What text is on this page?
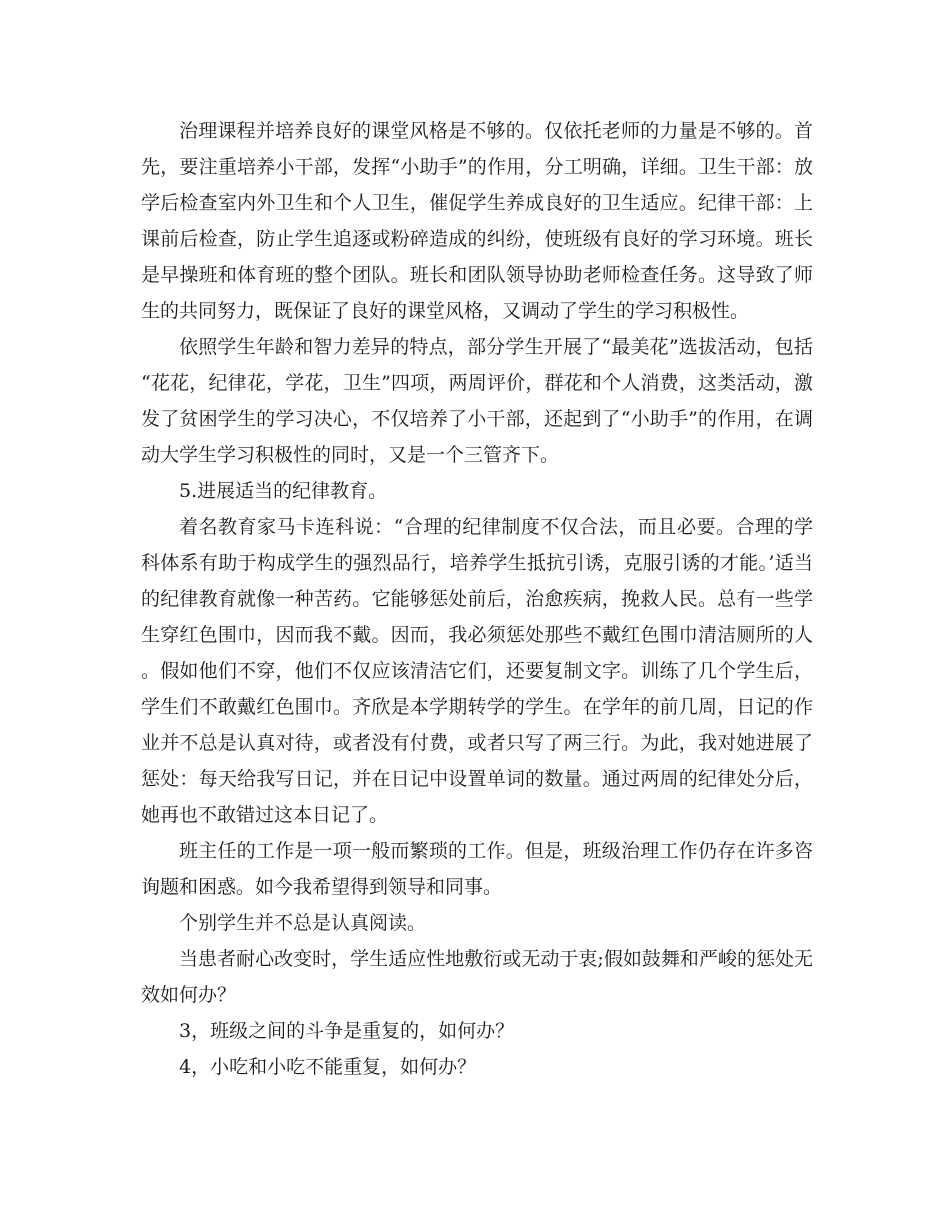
治理课程并培养良好的课堂风格是不够的。仅依托老师的力量是不够的。首先，要注重培养小干部，发挥“小助手”的作用，分工明确，详细。卫生干部：放学后检查室内外卫生和个人卫生，催促学生养成良好的卫生适应。纪律干部：上课前后检查，防止学生追逐或粉碎造成的纠纷，使班级有良好的学习环境。班长是早操班和体育班的整个团队。班长和团队领导协助老师检查任务。这导致了师生的共同努力，既保证了良好的课堂风格，又调动了学生的学习积极性。

依照学生年龄和智力差异的特点，部分学生开展了“最美花”选拔活动，包括“花花，纪律花，学花，卫生”四项，两周评价，群花和个人消费，这类活动，激发了贫困学生的学习决心，不仅培养了小干部，还起到了“小助手”的作用，在调动大学生学习积极性的同时，又是一个三管齐下。

5.进展适当的纪律教育。

着名教育家马卡连科说：“合理的纪律制度不仅合法，而且必要。合理的学科体系有助于构成学生的强烈品行，培养学生抵抗引诱，克服引诱的才能。’适当的纪律教育就像一种苦药。它能够惩处前后，治愈疾病，挽救人民。总有一些学生穿红色围巾，因而我不戴。因而，我必须惩处那些不戴红色围巾清洁厕所的人。假如他们不穿，他们不仅应该清洁它们，还要复制文字。训练了几个学生后，学生们不敢戴红色围巾。齐欣是本学期转学的学生。在学年的前几周，日记的作业并不总是认真对待，或者没有付费，或者只写了两三行。为此，我对她进展了惩处：每天给我写日记，并在日记中设置单词的数量。通过两周的纪律处分后，她再也不敢错过这本日记了。

班主任的工作是一项一般而繁琐的工作。但是，班级治理工作仍存在许多咨询题和困惑。如今我希望得到领导和同事。

个别学生并不总是认真阅读。

当患者耐心改变时，学生适应性地敷衍或无动于衷;假如鼓舞和严峻的惩处无效如何办？

3，班级之间的斗争是重复的，如何办？

4，小吃和小吃不能重复，如何办？
